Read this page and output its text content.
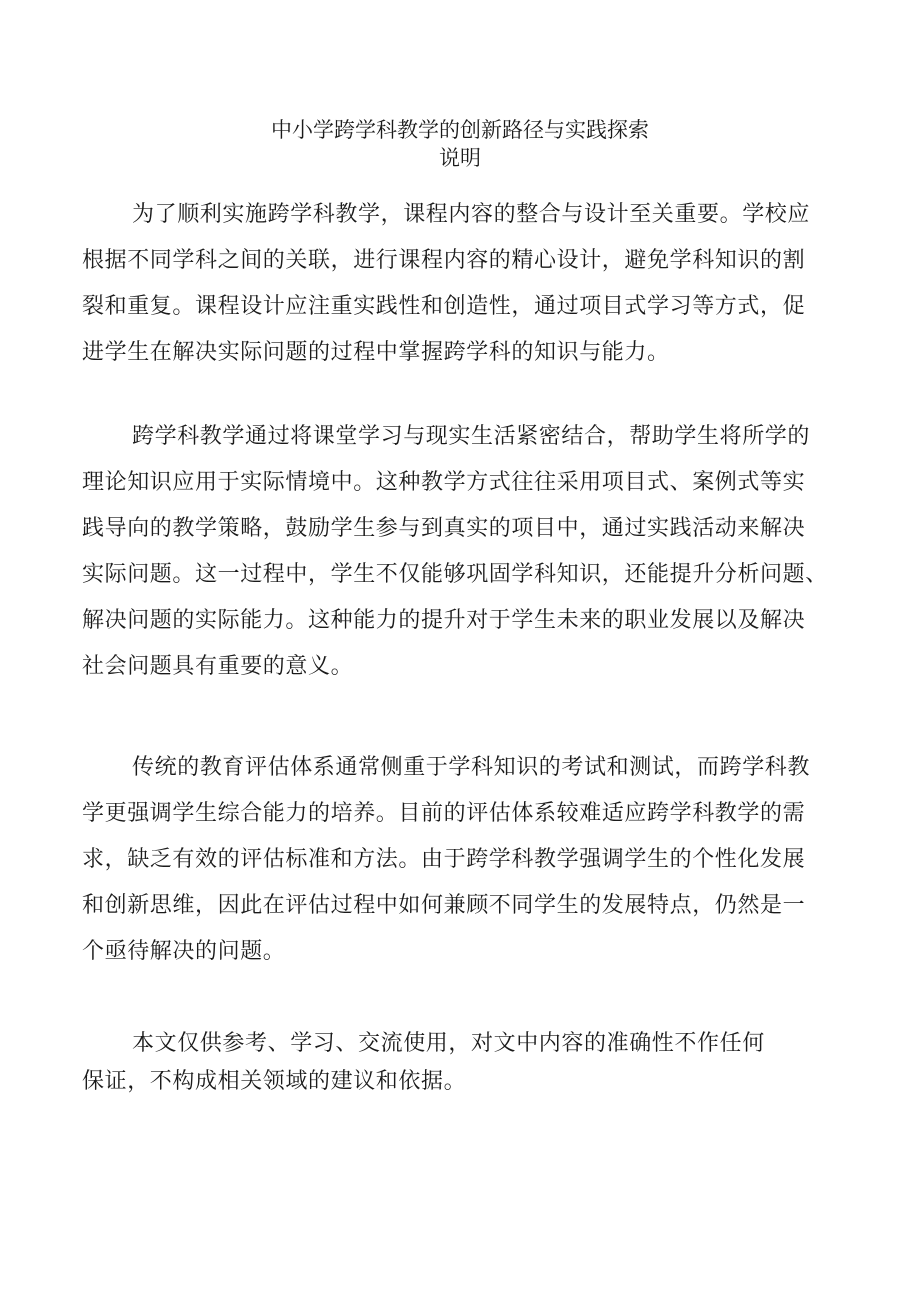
中小学跨学科教学的创新路径与实践探索
说明
为了顺利实施跨学科教学，课程内容的整合与设计至关重要。学校应
根据不同学科之间的关联，进行课程内容的精心设计，避免学科知识的割
裂和重复。课程设计应注重实践性和创造性，通过项目式学习等方式，促
进学生在解决实际问题的过程中掌握跨学科的知识与能力。
跨学科教学通过将课堂学习与现实生活紧密结合，帮助学生将所学的
理论知识应用于实际情境中。这种教学方式往往采用项目式、案例式等实
践导向的教学策略，鼓励学生参与到真实的项目中，通过实践活动来解决
实际问题。这一过程中，学生不仅能够巩固学科知识，还能提升分析问题、
解决问题的实际能力。这种能力的提升对于学生未来的职业发展以及解决
社会问题具有重要的意义。
传统的教育评估体系通常侧重于学科知识的考试和测试，而跨学科教
学更强调学生综合能力的培养。目前的评估体系较难适应跨学科教学的需
求，缺乏有效的评估标准和方法。由于跨学科教学强调学生的个性化发展
和创新思维，因此在评估过程中如何兼顾不同学生的发展特点，仍然是一
个亟待解决的问题。
本文仅供参考、学习、交流使用，对文中内容的准确性不作任何
保证，不构成相关领域的建议和依据。
